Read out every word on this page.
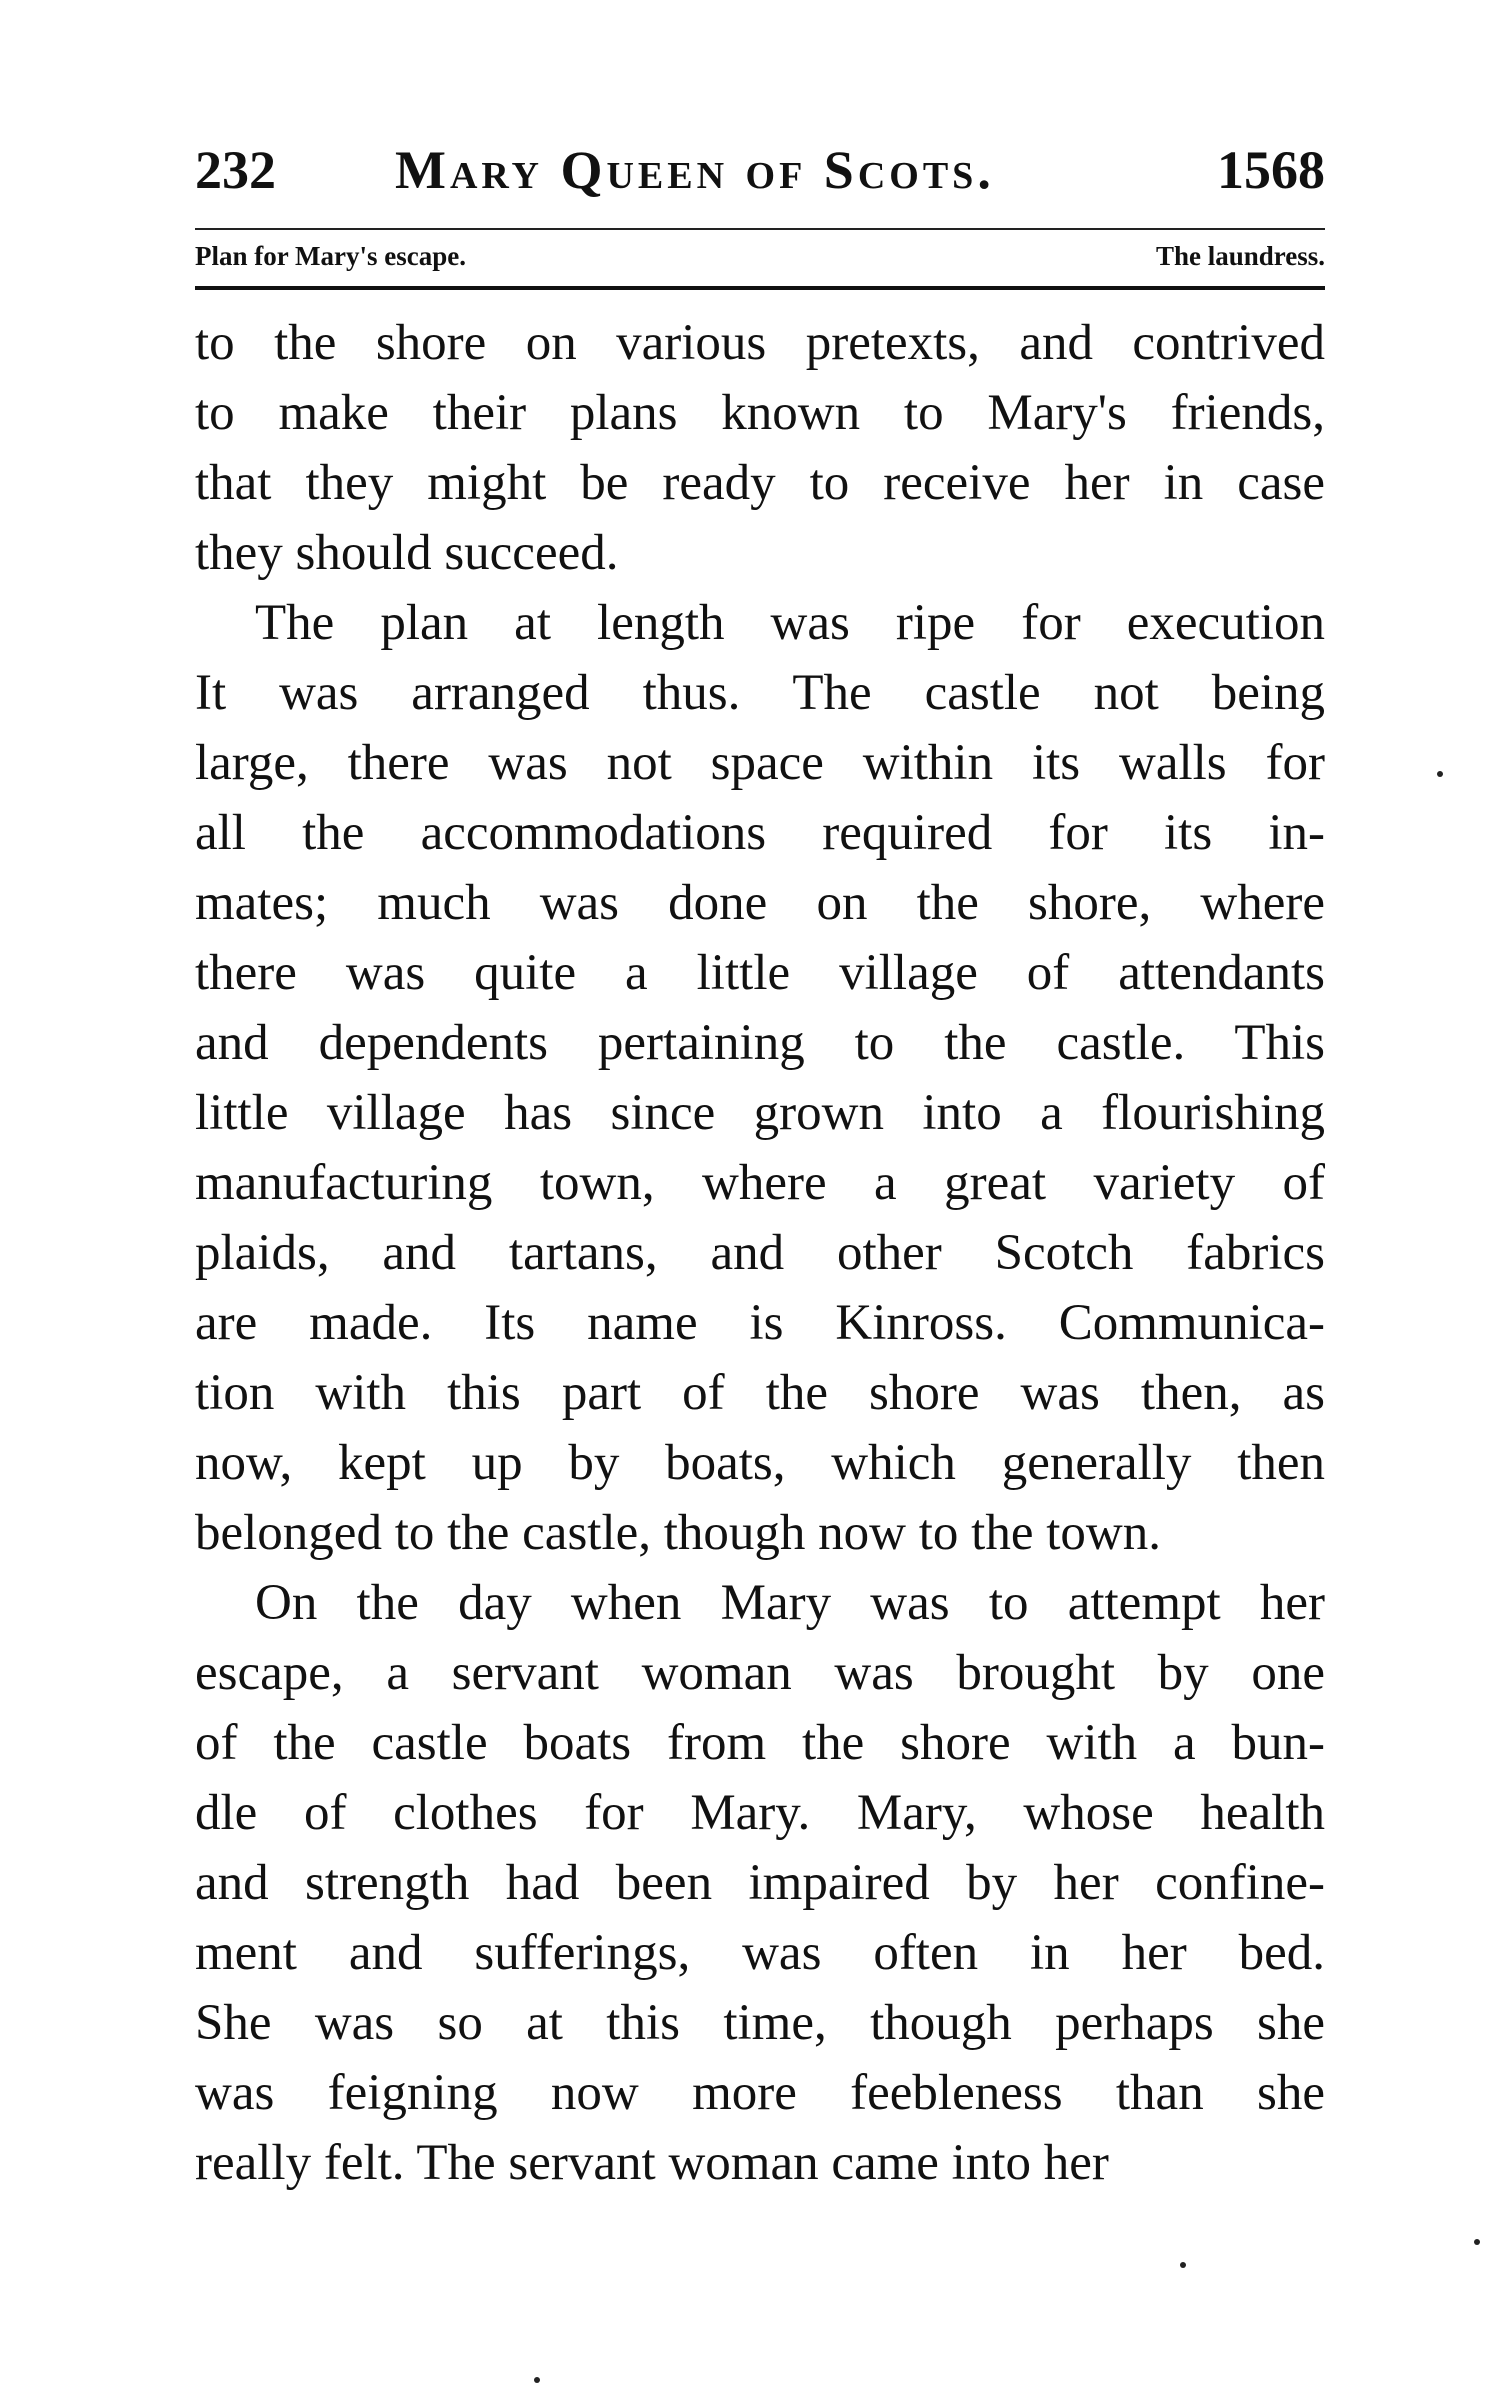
232 Mary Queen of Scots.	1568
Plan for Mary's escape.	The laundress.
to the shore on various pretexts, and contrived
to make their plans known to Mary's friends,
that they might be ready to receive her in case
they should succeed.
The plan at length was ripe for execution
It was arranged thus. The castle not being
large, there was not space within its walls for
all the accommodations required for its in-
mates; much was done on the shore, where
there was quite a little village of attendants
and dependents pertaining to the castle. This
little village has since grown into a flourishing
manufacturing town, where a great variety of
plaids, and tartans, and other Scotch fabrics
are made. Its name is Kinross. Communica-
tion with this part of the shore was then, as
now, kept up by boats, which generally then
belonged to the castle, though now to the town.
On the day when Mary was to attempt her
escape, a servant woman was brought by one
of the castle boats from the shore with a bun-
dle of clothes for Mary. Mary, whose health
and strength had been impaired by her confine-
ment and sufferings, was often in her bed.
She was so at this time, though perhaps she
was feigning now more feebleness than she
really felt. The servant woman came into her
